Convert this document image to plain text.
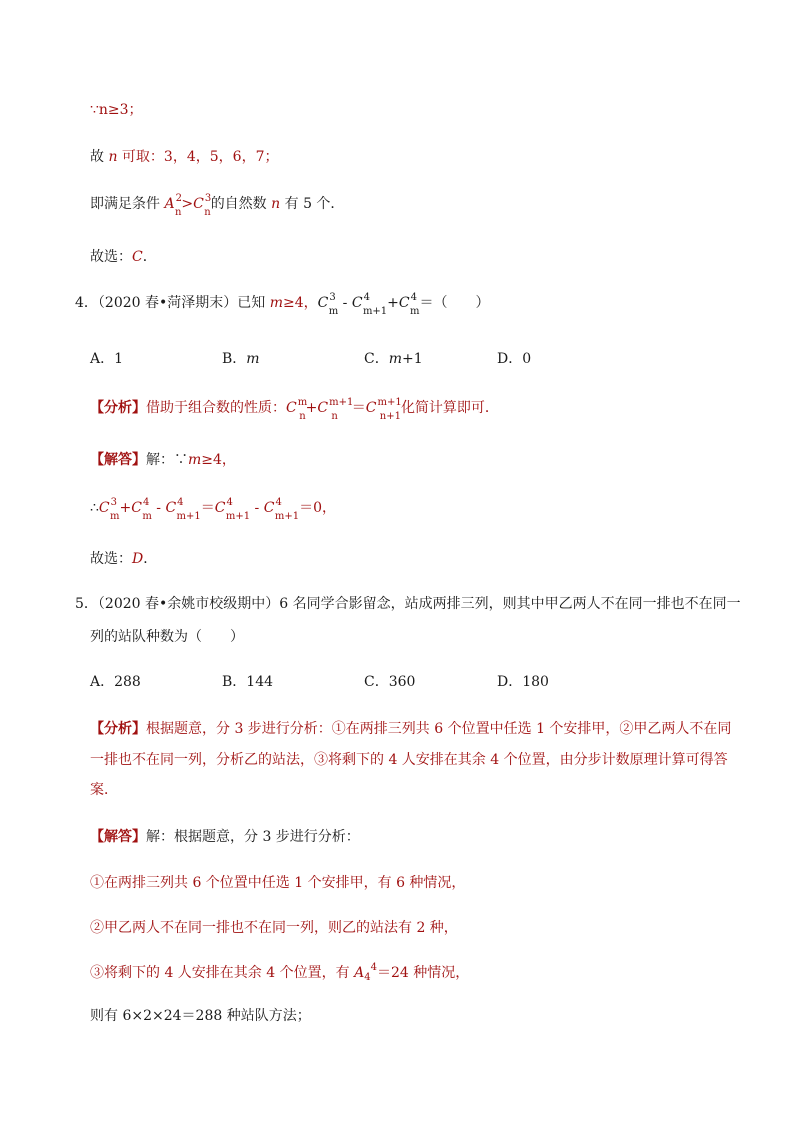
∵n≥3；
故 n 可取：3，4，5，6，7；
即满足条件 $A^2_n>C^3_n$的自然数 n 有 5 个．
故选：C．
4．（2020 春•菏泽期末）已知 m≥4，$C^3_m - C^4_{m+1}+C^4_m=$（　　）
A．1	B．m	C．m+1	D．0
【分析】借助于组合数的性质：$C^m_n+C^{m+1}_n=C^{m+1}_{n+1}$化简计算即可．
【解答】解：∵m≥4，
$\therefore C^3_m+C^4_m - C^4_{m+1}=C^4_{m+1} - C^4_{m+1}=0$，
故选：D．
5．（2020 春•余姚市校级期中）6 名同学合影留念，站成两排三列，则其中甲乙两人不在同一排也不在同一
列的站队种数为（　　）
A．288	B．144	C．360	D．180
【分析】根据题意，分 3 步进行分析：①在两排三列共 6 个位置中任选 1 个安排甲，②甲乙两人不在同
一排也不在同一列，分析乙的站法，③将剩下的 4 人安排在其余 4 个位置，由分步计数原理计算可得答
案．
【解答】解：根据题意，分 3 步进行分析：
①在两排三列共 6 个位置中任选 1 个安排甲，有 6 种情况，
②甲乙两人不在同一排也不在同一列，则乙的站法有 2 种，
③将剩下的 4 人安排在其余 4 个位置，有 $A_4^4=24$ 种情况，
则有 6×2×24＝288 种站队方法；
